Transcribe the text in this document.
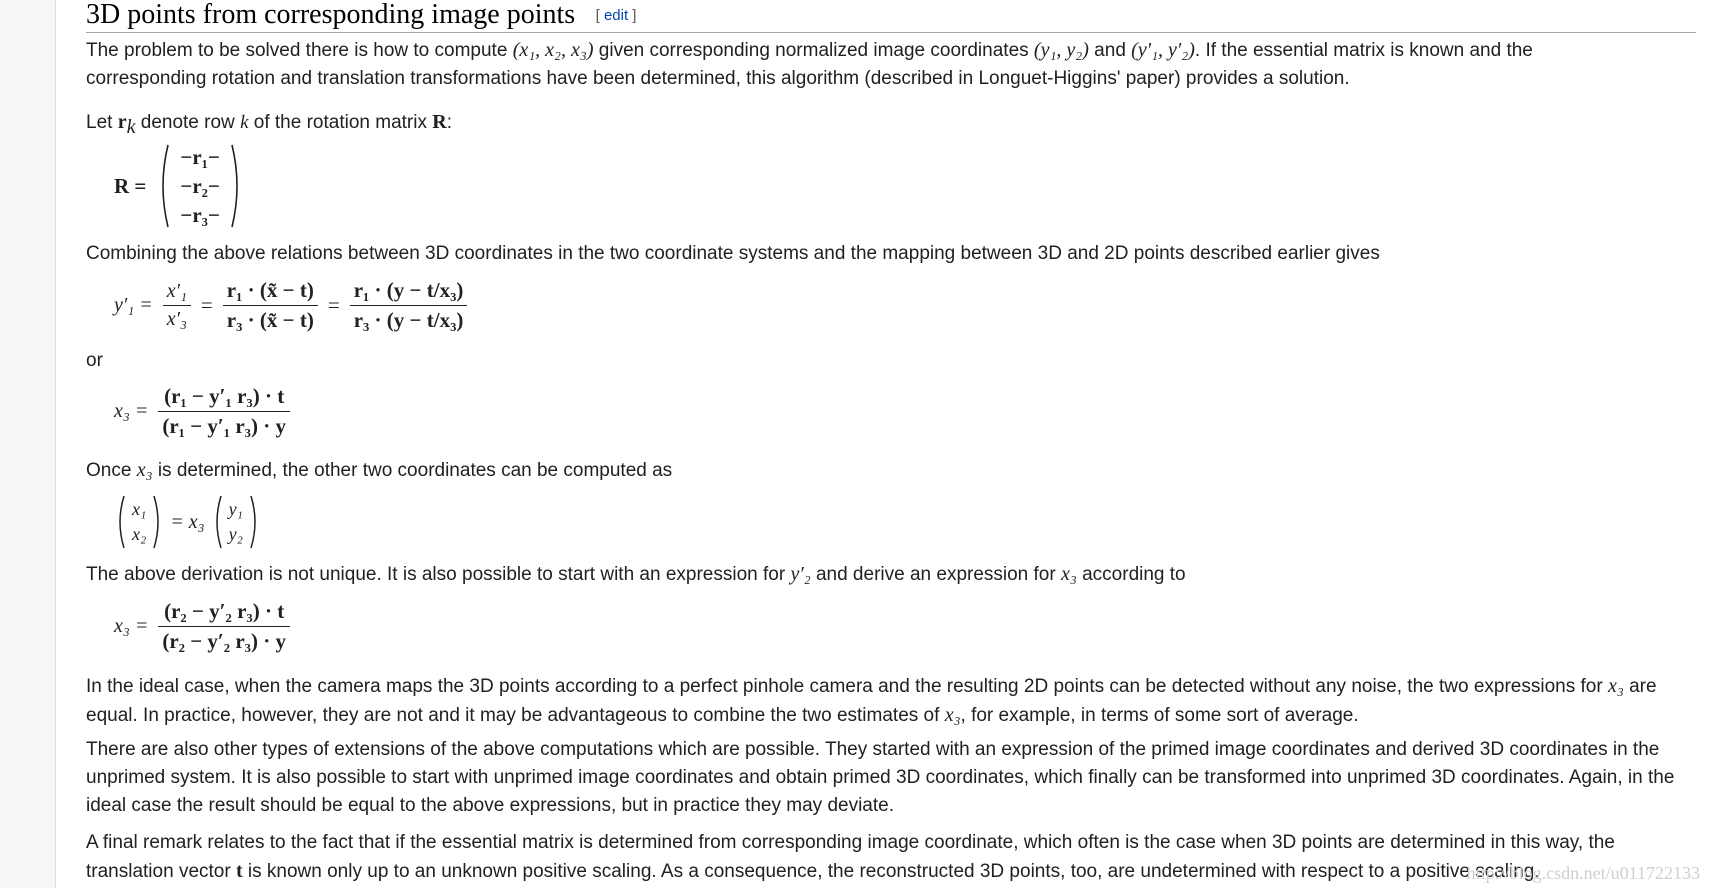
3D points from corresponding image points [ edit ]
The problem to be solved there is how to compute (x₁, x₂, x₃) given corresponding normalized image coordinates (y₁, y₂) and (y′₁, y′₂). If the essential matrix is known and the
corresponding rotation and translation transformations have been determined, this algorithm (described in Longuet-Higgins' paper) provides a solution.
Let $r_k$ denote row k of the rotation matrix R:
R =
−r₁−
−r₂−
−r₃−
Combining the above relations between 3D coordinates in the two coordinate systems and the mapping between 3D and 2D points described earlier gives
$y'_1 = \frac{\text{x′₁}}{\text{x′₃}} = \frac{\text{r₁ · (x̃ − t)}}{\text{r₃ · (x̃ − t)}} = \frac{\text{r₁ · (y − t/x₃)}}{\text{r₃ · (y − t/x₃)}}$
or
$x_3 = \frac{\text{(r₁ − y′₁ r₃) · t}}{\text{(r₁ − y′₁ r₃) · y}}$
Once x₃ is determined, the other two coordinates can be computed as
x₁
x₂
= x₃
y₁
y₂
The above derivation is not unique. It is also possible to start with an expression for y′₂ and derive an expression for x₃ according to
$x_3 = \frac{\text{(r₂ − y′₂ r₃) · t}}{\text{(r₂ − y′₂ r₃) · y}}$
In the ideal case, when the camera maps the 3D points according to a perfect pinhole camera and the resulting 2D points can be detected without any noise, the two expressions for x₃ are
equal. In practice, however, they are not and it may be advantageous to combine the two estimates of x₃, for example, in terms of some sort of average.
There are also other types of extensions of the above computations which are possible. They started with an expression of the primed image coordinates and derived 3D coordinates in the
unprimed system. It is also possible to start with unprimed image coordinates and obtain primed 3D coordinates, which finally can be transformed into unprimed 3D coordinates. Again, in the
ideal case the result should be equal to the above expressions, but in practice they may deviate.
A final remark relates to the fact that if the essential matrix is determined from corresponding image coordinate, which often is the case when 3D points are determined in this way, the
translation vector t is known only up to an unknown positive scaling. As a consequence, the reconstructed 3D points, too, are undetermined with respect to a positive scaling.
http://blog.csdn.net/u011722133
